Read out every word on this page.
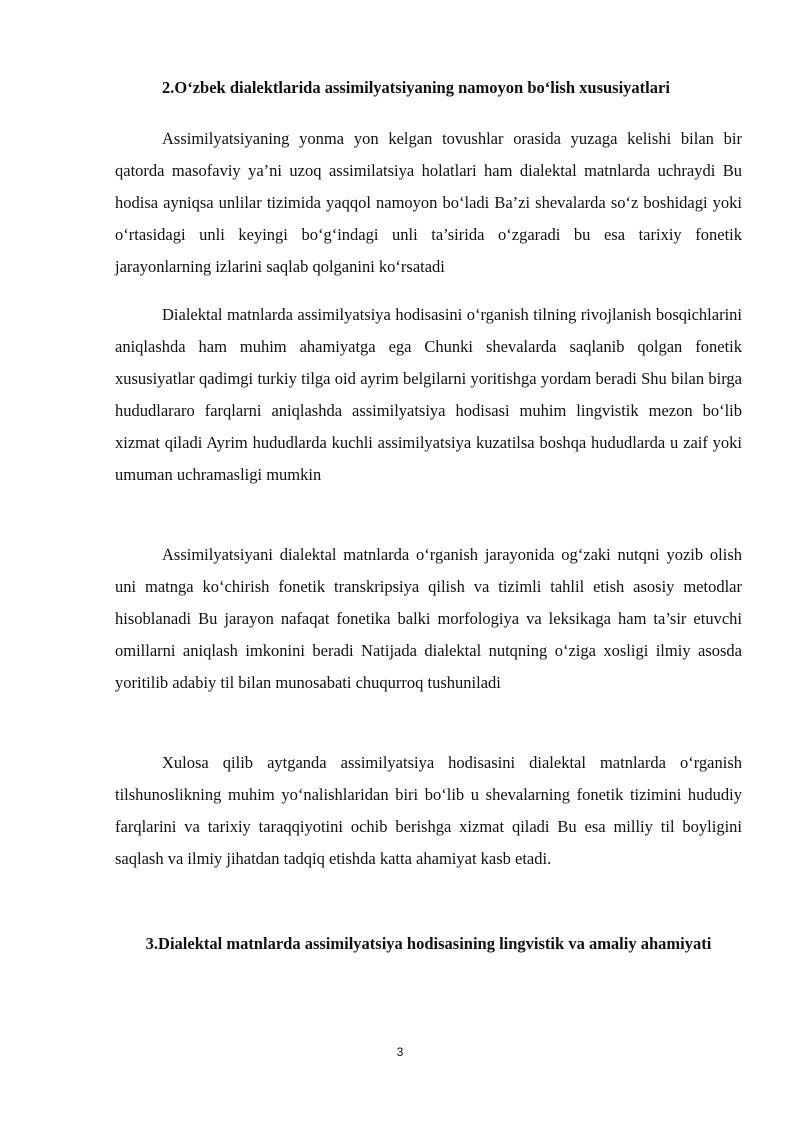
2.O‘zbek dialektlarida assimilyatsiyaning namoyon bo‘lish xususiyatlari

Assimilyatsiyaning yonma yon kelgan tovushlar orasida yuzaga kelishi bilan bir qatorda masofaviy ya’ni uzoq assimilatsiya holatlari ham dialektal matnlarda uchraydi Bu hodisa ayniqsa unlilar tizimida yaqqol namoyon bo‘ladi Ba’zi shevalarda so‘z boshidagi yoki o‘rtasidagi unli keyingi bo‘g‘indagi unli ta’sirida o‘zgaradi bu esa tarixiy fonetik jarayonlarning izlarini saqlab qolganini ko‘rsatadi

Dialektal matnlarda assimilyatsiya hodisasini o‘rganish tilning rivojlanish bosqichlarini aniqlashda ham muhim ahamiyatga ega Chunki shevalarda saqlanib qolgan fonetik xususiyatlar qadimgi turkiy tilga oid ayrim belgilarni yoritishga yordam beradi Shu bilan birga hududlararo farqlarni aniqlashda assimilyatsiya hodisasi muhim lingvistik mezon bo‘lib xizmat qiladi Ayrim hududlarda kuchli assimilyatsiya kuzatilsa boshqa hududlarda u zaif yoki umuman uchramasligi mumkin

Assimilyatsiyani dialektal matnlarda o‘rganish jarayonida og‘zaki nutqni yozib olish uni matnga ko‘chirish fonetik transkripsiya qilish va tizimli tahlil etish asosiy metodlar hisoblanadi Bu jarayon nafaqat fonetika balki morfologiya va leksikaga ham ta’sir etuvchi omillarni aniqlash imkonini beradi Natijada dialektal nutqning o‘ziga xosligi ilmiy asosda yoritilib adabiy til bilan munosabati chuqurroq tushuniladi

Xulosa qilib aytganda assimilyatsiya hodisasini dialektal matnlarda o‘rganish tilshunoslikning muhim yo‘nalishlaridan biri bo‘lib u shevalarning fonetik tizimini hududiy farqlarini va tarixiy taraqqiyotini ochib berishga xizmat qiladi Bu esa milliy til boyligini saqlash va ilmiy jihatdan tadqiq etishda katta ahamiyat kasb etadi.

3.Dialektal matnlarda assimilyatsiya hodisasining lingvistik va amaliy ahamiyati
3
